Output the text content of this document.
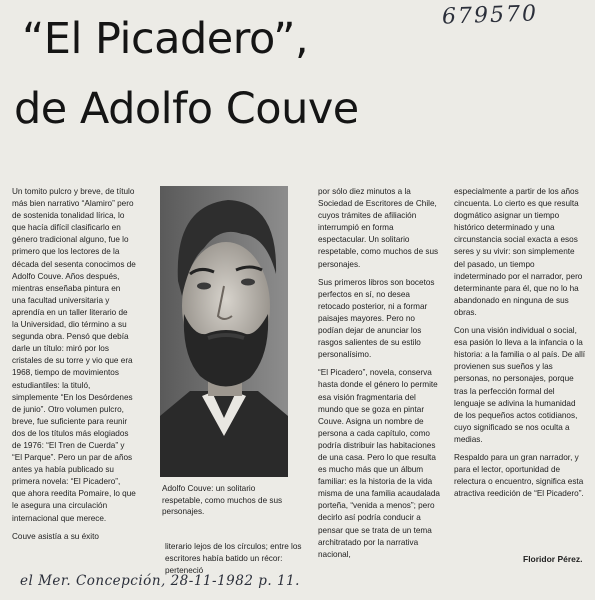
679570
“El Picadero”,
de Adolfo Couve

Un tomito pulcro y breve, de título más bien narrativo “Alamiro” pero de sostenida tonalidad lírica, lo que hacía difícil clasificarlo en género tradicional alguno, fue lo primero que los lectores de la década del sesenta conocimos de Adolfo Couve. Años después, mientras enseñaba pintura en una facultad universitaria y aprendía en un taller literario de la Universidad, dio término a su segunda obra. Pensó que debía darle un título: miró por los cristales de su torre y vio que era 1968, tiempo de movimientos estudiantiles: la tituló, simplemente “En los Desórdenes de junio”. Otro volumen pulcro, breve, fue suficiente para reunir dos de los títulos más elogiados de 1976: “El Tren de Cuerda” y “El Parque”. Pero un par de años antes ya había publicado su primera novela: “El Picadero”, que ahora reedita Pomaire, lo que le asegura una circulación internacional que merece.

Couve asistía a su éxito

Adolfo Couve: un solitario respetable, como muchos de sus personajes.

literario lejos de los círculos; entre los escritores había batido un récor: perteneció

por sólo diez minutos a la Sociedad de Escritores de Chile, cuyos trámites de afiliación interrumpió en forma espectacular. Un solitario respetable, como muchos de sus personajes.

Sus primeros libros son bocetos perfectos en sí, no desea retocado posterior, ni a formar paisajes mayores. Pero no podían dejar de anunciar los rasgos salientes de su estilo personalísimo.

“El Picadero”, novela, conserva hasta donde el género lo permite esa visión fragmentaria del mundo que se goza en pintar Couve. Asigna un nombre de persona a cada capítulo, como podría distribuir las habitaciones de una casa. Pero lo que resulta es mucho más que un álbum familiar: es la historia de la vida misma de una familia acaudalada porteña, “venida a menos”; pero decirlo así podría conducir a pensar que se trata de un tema architratado por la narrativa nacional,

especialmente a partir de los años cincuenta. Lo cierto es que resulta dogmático asignar un tiempo histórico determinado y una circunstancia social exacta a esos seres y su vivir: son simplemente del pasado, un tiempo indeterminado por el narrador, pero determinante para él, que no lo ha abandonado en ninguna de sus obras.

Con una visión individual o social, esa pasión lo lleva a la infancia o la historia: a la familia o al país. De allí provienen sus sueños y las personas, no personajes, porque tras la perfección formal del lenguaje se adivina la humanidad de los pequeños actos cotidianos, cuyo significado se nos oculta a medias.

Respaldo para un gran narrador, y para el lector, oportunidad de relectura o encuentro, significa esta atractiva reedición de “El Picadero”.

Floridor Pérez.
el Mer. Concepción, 28-11-1982 p. 11.
